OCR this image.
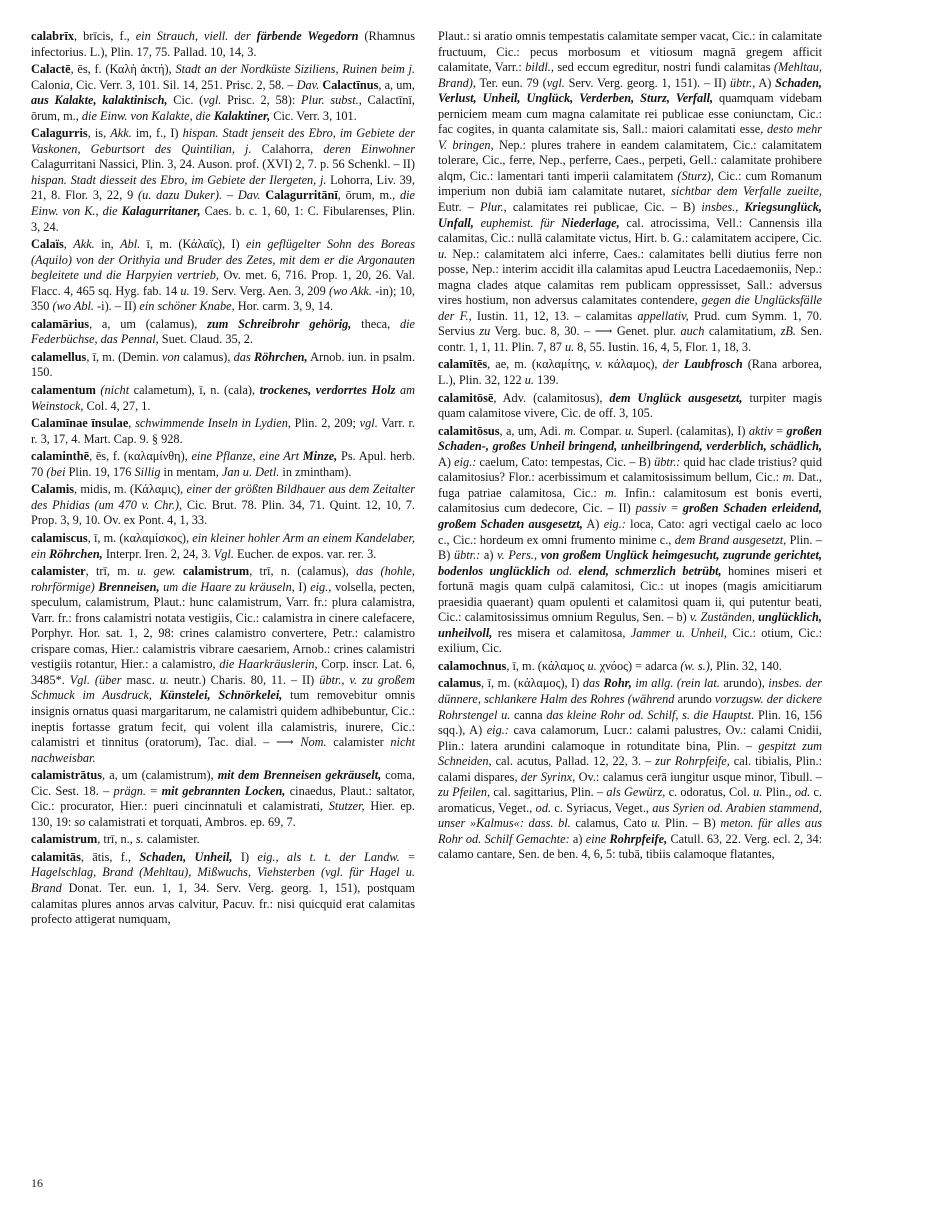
calabrīx, brīcis, f., ein Strauch, viell. der färbende Wegedorn (Rhamnus infectorius. L.), Plin. 17, 75. Pallad. 10, 14, 3.

Calactē, ēs, f. (Καλὴ ἀκτή), Stadt an der Nordküste Siziliens, Ruinen beim j. Calonia, Cic. Verr. 3, 101. Sil. 14, 251. Prisc. 2, 58. – Dav. Calactīnus, a, um, aus Kalakte, kalaktinisch, Cic. (vgl. Prisc. 2, 58): Plur. subst., Calactīnī, ōrum, m., die Einw. von Kalakte, die Kalaktiner, Cic. Verr. 3, 101.

Calagurris, is, Akk. im, f., I) hispan. Stadt jenseit des Ebro, im Gebiete der Vaskonen, Geburtsort des Quintilian, j. Calahorra, deren Einwohner Calagurritani Nassici, Plin. 3, 24. Auson. prof. (XVI) 2, 7. p. 56 Schenkl. – II) hispan. Stadt diesseit des Ebro, im Gebiete der Ilergeten, j. Lohorra, Liv. 39, 21, 8. Flor. 3, 22, 9 (u. dazu Duker). – Dav. Calagurritānī, ōrum, m., die Einw. von K., die Kalagurritaner, Caes. b. c. 1, 60, 1: C. Fibularenses, Plin. 3, 24.

Calaïs, Akk. in, Abl. ī, m. (Κάλαϊς), I) ein geflügelter Sohn des Boreas (Aquilo) von der Orithyia und Bruder des Zetes, mit dem er die Argonauten begleitete und die Harpyien vertrieb, Ov. met. 6, 716. Prop. 1, 20, 26. Val. Flacc. 4, 465 sq. Hyg. fab. 14 u. 19. Serv. Verg. Aen. 3, 209 (wo Akk. -in); 10, 350 (wo Abl. -i). – II) ein schöner Knabe, Hor. carm. 3, 9, 14.

calamārius, a, um (calamus), zum Schreibrohr gehörig, theca, die Federbüchse, das Pennal, Suet. Claud. 35, 2.

calamellus, ī, m. (Demin. von calamus), das Röhrchen, Arnob. iun. in psalm. 150.

calamentum (nicht calametum), ī, n. (cala), trockenes, verdorrtes Holz am Weinstock, Col. 4, 27, 1.

Calamīnae īnsulae, schwimmende Inseln in Lydien, Plin. 2, 209; vgl. Varr. r. r. 3, 17, 4. Mart. Cap. 9. § 928.

calaminthē, ēs, f. (καλαμίνθη), eine Pflanze, eine Art Minze, Ps. Apul. herb. 70 (bei Plin. 19, 176 Sillig in mentam, Jan u. Detl. in zmintham).

Calamis, midis, m. (Κάλαμις), einer der größten Bildhauer aus dem Zeitalter des Phidias (um 470 v. Chr.), Cic. Brut. 78. Plin. 34, 71. Quint. 12, 10, 7. Prop. 3, 9, 10. Ov. ex Pont. 4, 1, 33.

calamiscus, ī, m. (καλαμίσκος), ein kleiner hohler Arm an einem Kandelaber, ein Röhrchen, Interpr. Iren. 2, 24, 3. Vgl. Eucher. de expos. var. rer. 3.

calamister, trī, m. u. gew. calamistrum, trī, n. (calamus), das (hohle, rohrförmige) Brenneisen, um die Haare zu kräuseln, I) eig., volsella, pecten, speculum, calamistrum, Plaut.: hunc calamistrum, Varr. fr.: plura calamistra, Varr. fr.: frons calamistri notata vestigiis, Cic.: calamistra in cinere calefacere, Porphyr. Hor. sat. 1, 2, 98: crines calamistro convertere, Petr.: calamistro crispare comas, Hier.: calamistris vibrare caesariem, Arnob.: crines calamistri vestigiis rotantur, Hier.: a calamistro, die Haarkräuslerin, Corp. inscr. Lat. 6, 3485*. Vgl. (über masc. u. neutr.) Charis. 80, 11. – II) übtr., v. zu großem Schmuck im Ausdruck, Künstelei, Schnörkelei, tum removebitur omnis insignis ornatus quasi margaritarum, ne calamistri quidem adhibebuntur, Cic.: ineptis fortasse gratum fecit, qui volent illa calamistris, inurere, Cic.: calamistri et tinnitus (oratorum), Tac. dial. – ⟶ Nom. calamister nicht nachweisbar.

calamistrātus, a, um (calamistrum), mit dem Brenneisen gekräuselt, coma, Cic. Sest. 18. – prägn. = mit gebrannten Locken, cinaedus, Plaut.: saltator, Cic.: procurator, Hier.: pueri cincinnatuli et calamistrati, Stutzer, Hier. ep. 130, 19: so calamistrati et torquati, Ambros. ep. 69, 7.

calamistrum, trī, n., s. calamister.

calamitās, ātis, f., Schaden, Unheil, I) eig., als t. t. der Landw. = Hagelschlag, Brand (Mehltau), Mißwuchs, Viehsterben (vgl. für Hagel u. Brand Donat. Ter. eun. 1, 1, 34. Serv. Verg. georg. 1, 151), postquam calamitas plures annos arvas calvitur, Pacuv. fr.: nisi quicquid erat calamitas profecto attigerat numquam,

Plaut.: si aratio omnis tempestatis calamitate semper vacat, Cic.: in calamitate fructuum, Cic.: pecus morbosum et vitiosum magnā gregem afficit calamitate, Varr.: bildl., sed eccum egreditur, nostri fundi calamitas (Mehltau, Brand), Ter. eun. 79 (vgl. Serv. Verg. georg. 1, 151). – II) übtr., A) Schaden, Verlust, Unheil, Unglück, Verderben, Sturz, Verfall, quamquam videbam perniciem meam cum magna calamitate rei publicae esse coniunctam, Cic.: fac cogites, in quanta calamitate sis, Sall.: maiori calamitati esse, desto mehr V. bringen, Nep.: plures trahere in eandem calamitatem, Cic.: calamitatem tolerare, Cic., ferre, Nep., perferre, Caes., perpeti, Gell.: calamitate prohibere alqm, Cic.: lamentari tanti imperii calamitatem (Sturz), Cic.: cum Romanum imperium non dubiā iam calamitate nutaret, sichtbar dem Verfalle zueilte, Eutr. – Plur., calamitates rei publicae, Cic. – B) insbes., Kriegsunglück, Unfall, euphemist. für Niederlage, cal. atrocissima, Vell.: Cannensis illa calamitas, Cic.: nullā calamitate victus, Hirt. b. G.: calamitatem accipere, Cic. u. Nep.: calamitatem alci inferre, Caes.: calamitates belli diutius ferre non posse, Nep.: interim accidit illa calamitas apud Leuctra Lacedaemoniis, Nep.: magna clades atque calamitas rem publicam oppressisset, Sall.: adversus vires hostium, non adversus calamitates contendere, gegen die Unglücksfälle der F., Iustin. 11, 12, 13. – calamitas appellativ, Prud. cum Symm. 1, 70. Servius zu Verg. buc. 8, 30. – ⟶ Genet. plur. auch calamitatium, zB. Sen. contr. 1, 1, 11. Plin. 7, 87 u. 8, 55. Iustin. 16, 4, 5, Flor. 1, 18, 3.

calamītēs, ae, m. (καλαμίτης, v. κάλαμος), der Laubfrosch (Rana arborea, L.), Plin. 32, 122 u. 139.

calamitōsē, Adv. (calamitosus), dem Unglück ausgesetzt, turpiter magis quam calamitose vivere, Cic. de off. 3, 105.

calamitōsus, a, um, Adi. m. Compar. u. Superl. (calamitas), I) aktiv = großen Schaden-, großes Unheil bringend, unheilbringend, verderblich, schädlich, A) eig.: caelum, Cato: tempestas, Cic. – B) übtr.: quid hac clade tristius? quid calamitosius? Flor.: acerbissimum et calamitosissimum bellum, Cic.: m. Dat., fuga patriae calamitosa, Cic.: m. Infin.: calamitosum est bonis everti, calamitosius cum dedecore, Cic. – II) passiv = großen Schaden erleidend, großem Schaden ausgesetzt, A) eig.: loca, Cato: agri vectigal caelo ac loco c., Cic.: hordeum ex omni frumento minime c., dem Brand ausgesetzt, Plin. – B) übtr.: a) v. Pers., von großem Unglück heimgesucht, zugrunde gerichtet, bodenlos unglücklich od. elend, schmerzlich betrübt, homines miseri et fortunā magis quam culpā calamitosi, Cic.: ut inopes (magis amicitiarum praesidia quaerant) quam opulenti et calamitosi quam ii, qui putentur beati, Cic.: calamitosissimus omnium Regulus, Sen. – b) v. Zuständen, unglücklich, unheilvoll, res misera et calamitosa, Jammer u. Unheil, Cic.: otium, Cic.: exilium, Cic.

calamochnus, ī, m. (κάλαμος u. χνόος) = adarca (w. s.), Plin. 32, 140.

calamus, ī, m. (κάλαμος), I) das Rohr, im allg. (rein lat. arundo), insbes. der dünnere, schlankere Halm des Rohres (während arundo vorzugsw. der dickere Rohrstengel u. canna das kleine Rohr od. Schilf, s. die Hauptst. Plin. 16, 156 sqq.), A) eig.: cava calamorum, Lucr.: calami palustres, Ov.: calami Cnidii, Plin.: latera arundini calamoque in rotunditate bina, Plin. – gespitzt zum Schneiden, cal. acutus, Pallad. 12, 22, 3. – zur Rohrpfeife, cal. tibialis, Plin.: calami dispares, der Syrinx, Ov.: calamus cerā iungitur usque minor, Tibull. – zu Pfeilen, cal. sagittarius, Plin. – als Gewürz, c. odoratus, Col. u. Plin., od. c. aromaticus, Veget., od. c. Syriacus, Veget., aus Syrien od. Arabien stammend, unser »Kalmus«: dass. bl. calamus, Cato u. Plin. – B) meton. für alles aus Rohr od. Schilf Gemachte: a) eine Rohrpfeife, Catull. 63, 22. Verg. ecl. 2, 34: calamo cantare, Sen. de ben. 4, 6, 5: tubā, tibiis calamoque flatantes,

16
